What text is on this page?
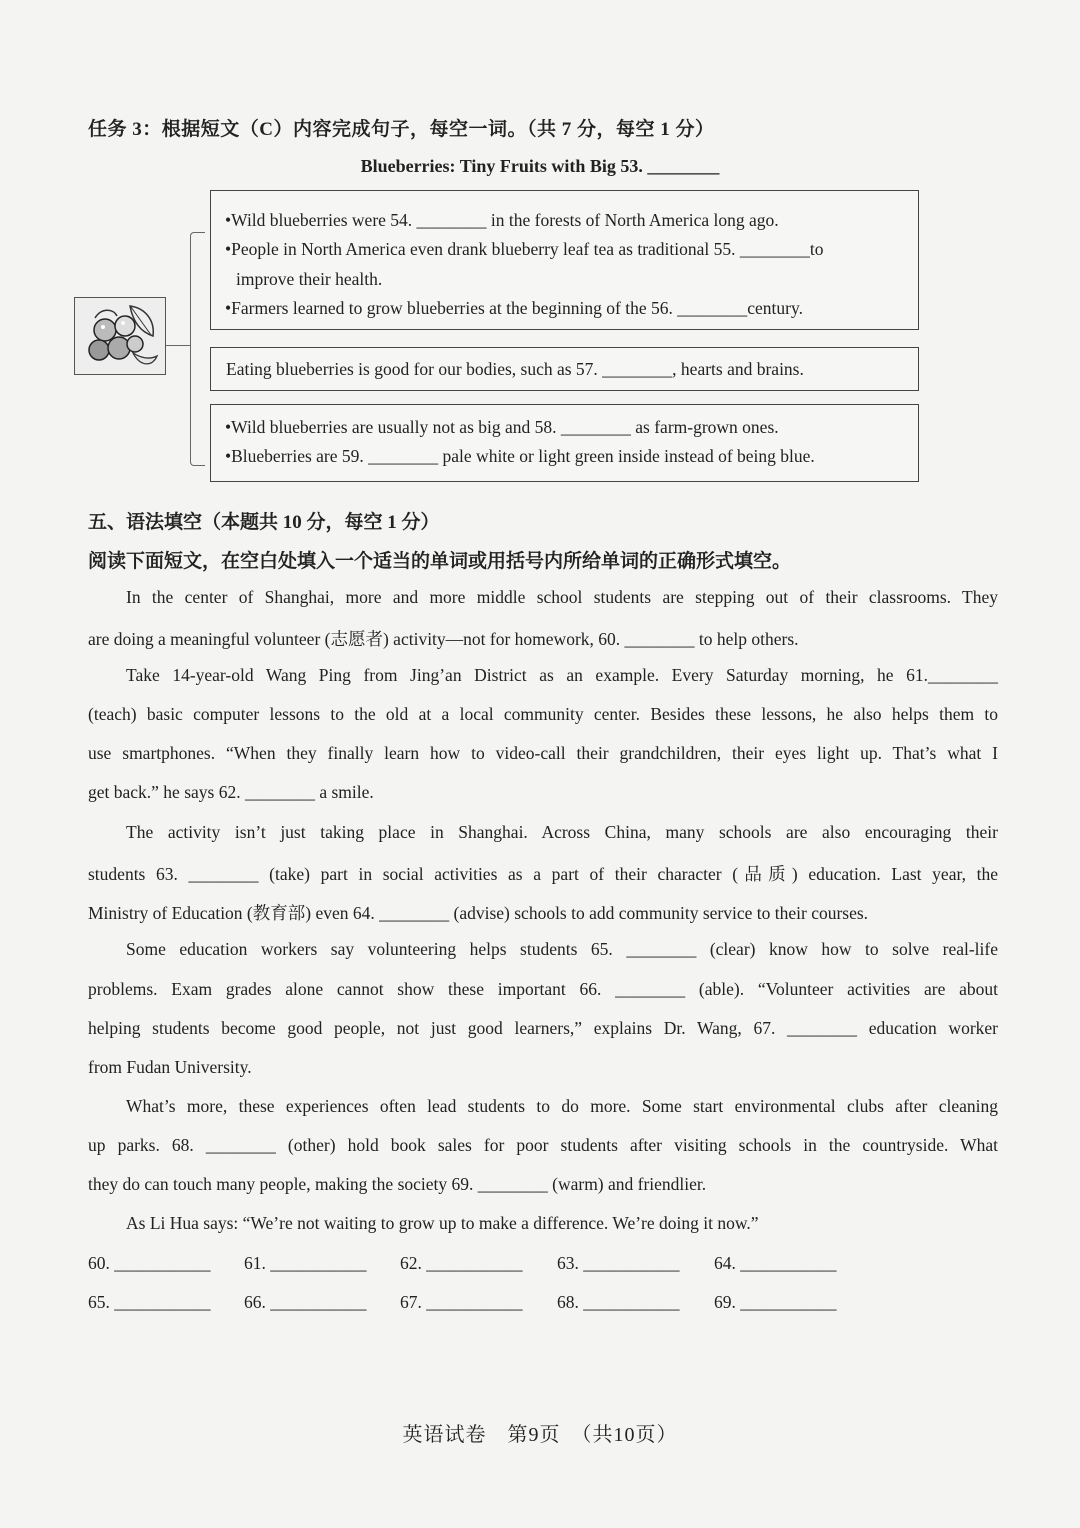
任务 3：根据短文（C）内容完成句子，每空一词。（共 7 分，每空 1 分）
Blueberries: Tiny Fruits with Big 53. ________
•Wild blueberries were 54. ________ in the forests of North America long ago.
•People in North America even drank blueberry leaf tea as traditional 55. ________to
improve their health.
•Farmers learned to grow blueberries at the beginning of the 56. ________century.
Eating blueberries is good for our bodies, such as 57. ________, hearts and brains.
•Wild blueberries are usually not as big and 58. ________ as farm-grown ones.
•Blueberries are 59. ________ pale white or light green inside instead of being blue.
五、语法填空（本题共 10 分，每空 1 分）
阅读下面短文，在空白处填入一个适当的单词或用括号内所给单词的正确形式填空。
In the center of Shanghai, more and more middle school students are stepping out of their classrooms. They
are doing a meaningful volunteer (志愿者) activity—not for homework, 60. ________ to help others.
Take 14-year-old Wang Ping from Jing’an District as an example. Every Saturday morning, he 61.________
(teach) basic computer lessons to the old at a local community center. Besides these lessons, he also helps them to
use smartphones. “When they finally learn how to video-call their grandchildren, their eyes light up. That’s what I
get back.” he says 62. ________ a smile.
The activity isn’t just taking place in Shanghai. Across China, many schools are also encouraging their
students 63. ________ (take) part in social activities as a part of their character (品质) education. Last year, the
Ministry of Education (教育部) even 64. ________ (advise) schools to add community service to their courses.
Some education workers say volunteering helps students 65. ________ (clear) know how to solve real-life
problems. Exam grades alone cannot show these important 66. ________ (able). “Volunteer activities are about
helping students become good people, not just good learners,” explains Dr. Wang, 67. ________ education worker
from Fudan University.
What’s more, these experiences often lead students to do more. Some start environmental clubs after cleaning
up parks. 68. ________ (other) hold book sales for poor students after visiting schools in the countryside. What
they do can touch many people, making the society 69. ________ (warm) and friendlier.
As Li Hua says: “We’re not waiting to grow up to make a difference. We’re doing it now.”
60. ___________ 61. ___________ 62. ___________ 63. ___________ 64. ___________
65. ___________ 66. ___________ 67. ___________ 68. ___________ 69. ___________
英语试卷　第9页　（共10页）
